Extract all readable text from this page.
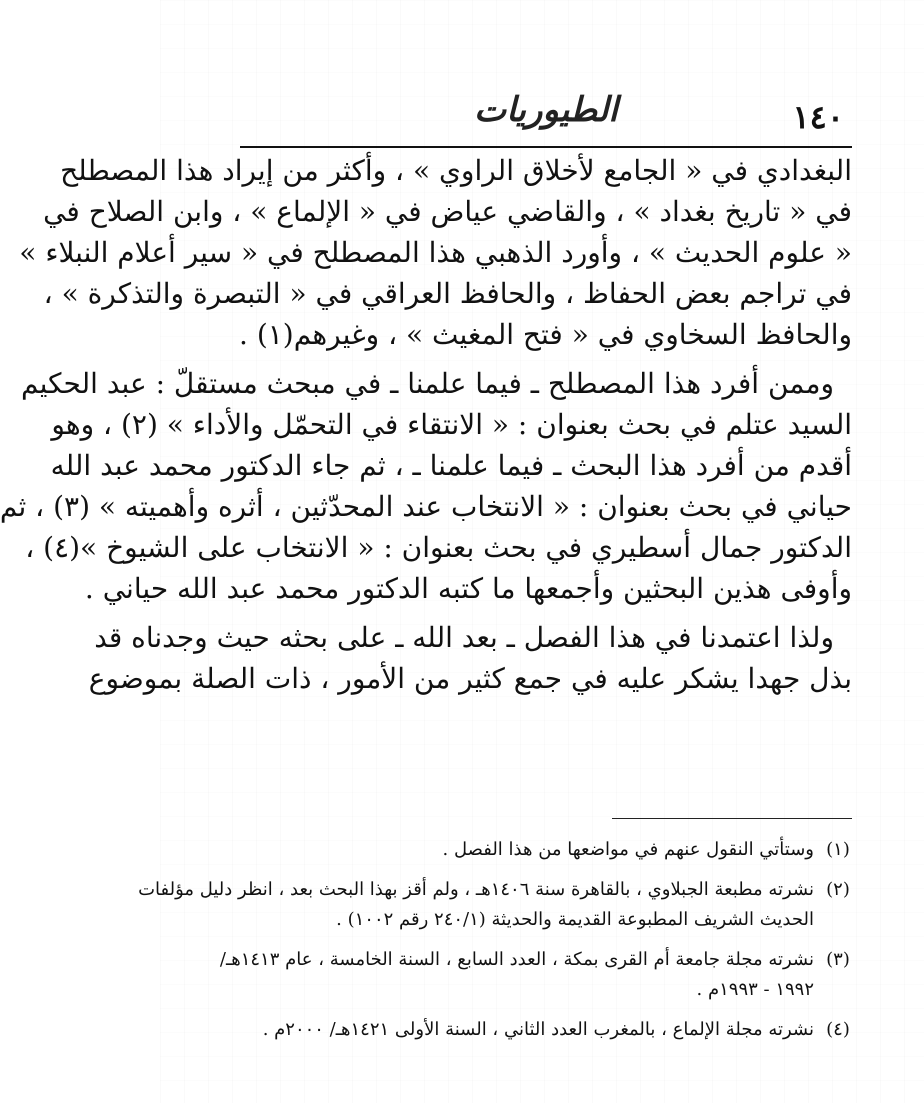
١٤٠
الطيوريات
البغدادي في « الجامع لأخلاق الراوي » ، وأكثر من إيراد هذا المصطلح
في « تاريخ بغداد » ، والقاضي عياض في « الإلماع » ، وابن الصلاح في
« علوم الحديث » ، وأورد الذهبي هذا المصطلح في « سير أعلام النبلاء »
في تراجم بعض الحفاظ ، والحافظ العراقي في « التبصرة والتذكرة » ،
والحافظ السخاوي في « فتح المغيث » ، وغيرهم(١) .
وممن أفرد هذا المصطلح ـ فيما علمنا ـ في مبحث مستقلّ : عبد الحكيم
السيد عتلم في بحث بعنوان : « الانتقاء في التحمّل والأداء » (٢) ، وهو
أقدم من أفرد هذا البحث ـ فيما علمنا ـ ، ثم جاء الدكتور محمد عبد الله
حياني في بحث بعنوان : « الانتخاب عند المحدّثين ، أثره وأهميته » (٣) ، ثم
الدكتور جمال أسطيري في بحث بعنوان : « الانتخاب على الشيوخ »(٤) ،
وأوفى هذين البحثين وأجمعها ما كتبه الدكتور محمد عبد الله حياني .
ولذا اعتمدنا في هذا الفصل ـ بعد الله ـ على بحثه حيث وجدناه قد
بذل جهدا يشكر عليه في جمع كثير من الأمور ، ذات الصلة بموضوع
(١)
وستأتي النقول عنهم في مواضعها من هذا الفصل .
(٢)
نشرته مطبعة الجبلاوي ، بالقاهرة سنة ١٤٠٦هـ ، ولم أقز بهذا البحث بعد ، انظر دليل مؤلفات
الحديث الشريف المطبوعة القديمة والحديثة (٢٤٠/١ رقم ١٠٠٢) .
(٣)
نشرته مجلة جامعة أم القرى بمكة ، العدد السابع ، السنة الخامسة ، عام ١٤١٣هـ/
١٩٩٢ - ١٩٩٣م .
(٤)
نشرته مجلة الإلماع ، بالمغرب العدد الثاني ، السنة الأولى ١٤٢١هـ/ ٢٠٠٠م .
